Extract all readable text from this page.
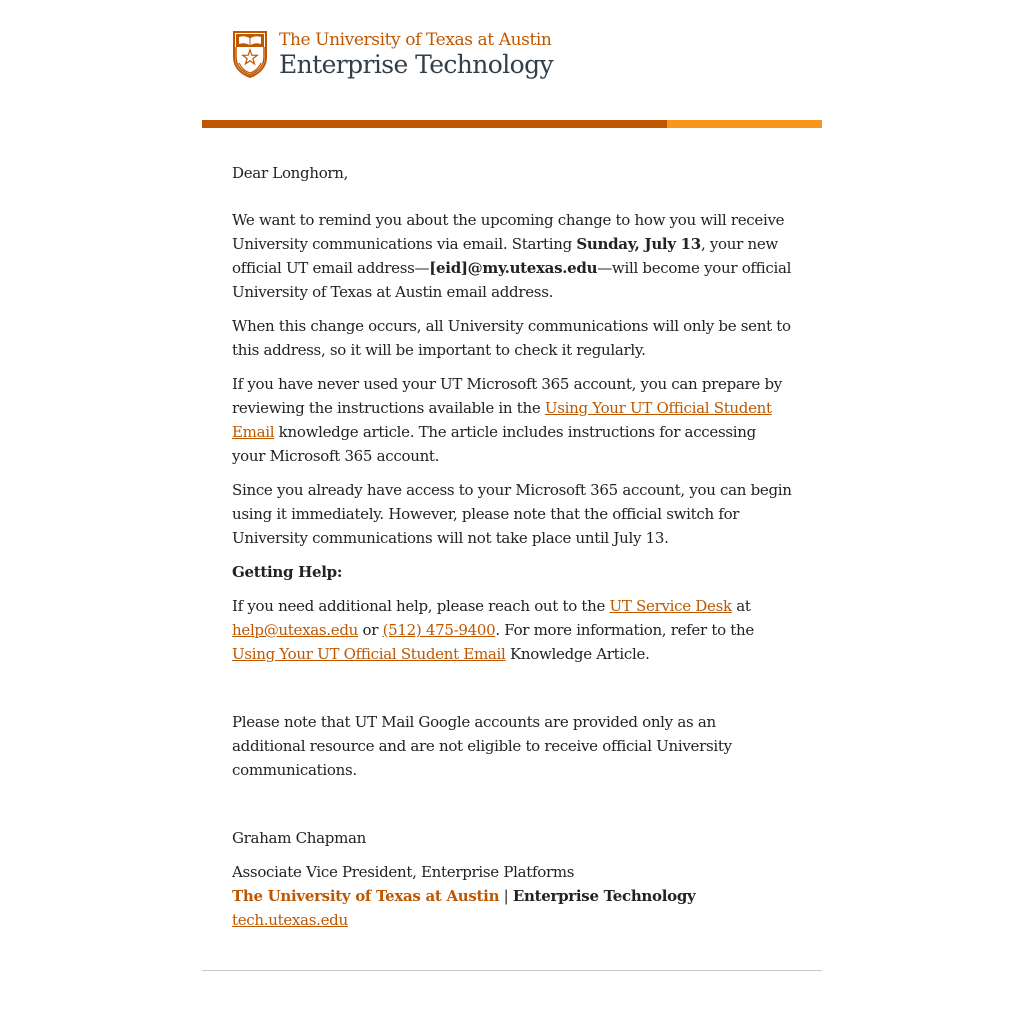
The University of Texas at Austin
Enterprise Technology

Dear Longhorn,

We want to remind you about the upcoming change to how you will receive University communications via email. Starting Sunday, July 13, your new official UT email address—[eid]@my.utexas.edu—will become your official University of Texas at Austin email address.

When this change occurs, all University communications will only be sent to this address, so it will be important to check it regularly.

If you have never used your UT Microsoft 365 account, you can prepare by reviewing the instructions available in the Using Your UT Official Student Email knowledge article. The article includes instructions for accessing your Microsoft 365 account.

Since you already have access to your Microsoft 365 account, you can begin using it immediately. However, please note that the official switch for University communications will not take place until July 13.

Getting Help:

If you need additional help, please reach out to the UT Service Desk at help@utexas.edu or (512) 475-9400. For more information, refer to the Using Your UT Official Student Email Knowledge Article.

Please note that UT Mail Google accounts are provided only as an additional resource and are not eligible to receive official University communications.

Graham Chapman

Associate Vice President, Enterprise Platforms

The University of Texas at Austin | Enterprise Technology

tech.utexas.edu
